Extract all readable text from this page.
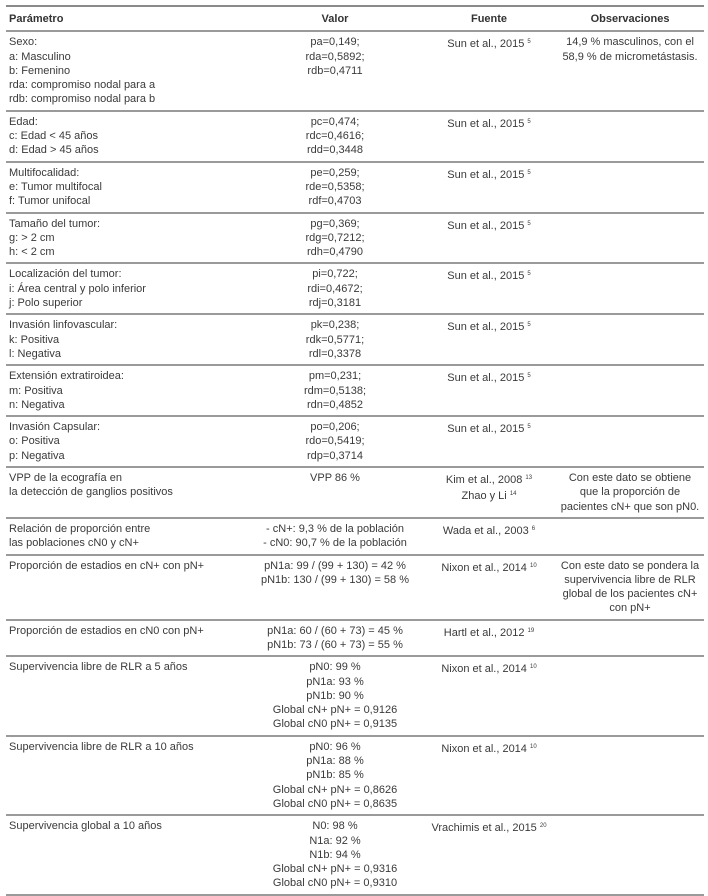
Parámetro	Valor	Fuente	Observaciones

Sexo:
a: Masculino
b: Femenino
rda: compromiso nodal para a
rdb: compromiso nodal para b	pa=0,149;
rda=0,5892;
rdb=0,4711	Sun et al., 2015 $^5$	14,9 % masculinos, con el
58,9 % de micrometástasis.

Edad:
c: Edad < 45 años
d: Edad > 45 años	pc=0,474;
rdc=0,4616;
rdd=0,3448	Sun et al., 2015 $^5$

Multifocalidad:
e: Tumor multifocal
f: Tumor unifocal	pe=0,259;
rde=0,5358;
rdf=0,4703	Sun et al., 2015 $^5$

Tamaño del tumor:
g: > 2 cm
h: < 2 cm	pg=0,369;
rdg=0,7212;
rdh=0,4790	Sun et al., 2015 $^5$

Localización del tumor:
i: Área central y polo inferior
j: Polo superior	pi=0,722;
rdi=0,4672;
rdj=0,3181	Sun et al., 2015 $^5$

Invasión linfovascular:
k: Positiva
l: Negativa	pk=0,238;
rdk=0,5771;
rdl=0,3378	Sun et al., 2015 $^5$

Extensión extratiroidea:
m: Positiva
n: Negativa	pm=0,231;
rdm=0,5138;
rdn=0,4852	Sun et al., 2015 $^5$

Invasión Capsular:
o: Positiva
p: Negativa	po=0,206;
rdo=0,5419;
rdp=0,3714	Sun et al., 2015 $^5$

VPP de la ecografía en
la detección de ganglios positivos	VPP 86 %	Kim et al., 2008 $^{13}$
Zhao y Li $^{14}$	Con este dato se obtiene
que la proporción de
pacientes cN+ que son pN0.

Relación de proporción entre
las poblaciones cN0 y cN+	- cN+: 9,3 % de la población
- cN0: 90,7 % de la población	Wada et al., 2003 $^6$

Proporción de estadios en cN+ con pN+	pN1a: 99 / (99 + 130) = 42 %
pN1b: 130 / (99 + 130) = 58 %	Nixon et al., 2014 $^{10}$	Con este dato se pondera la
supervivencia libre de RLR
global de los pacientes cN+
con pN+

Proporción de estadios en cN0 con pN+	pN1a: 60 / (60 + 73) = 45 %
pN1b: 73 / (60 + 73) = 55 %	Hartl et al., 2012 $^{19}$

Supervivencia libre de RLR a 5 años	pN0: 99 %
pN1a: 93 %
pN1b: 90 %
Global cN+ pN+ = 0,9126
Global cN0 pN+ = 0,9135	Nixon et al., 2014 $^{10}$

Supervivencia libre de RLR a 10 años	pN0: 96 %
pN1a: 88 %
pN1b: 85 %
Global cN+ pN+ = 0,8626
Global cN0 pN+ = 0,8635	Nixon et al., 2014 $^{10}$

Supervivencia global a 10 años	N0: 98 %
N1a: 92 %
N1b: 94 %
Global cN+ pN+ = 0,9316
Global cN0 pN+ = 0,9310	Vrachimis et al., 2015 $^{20}$
